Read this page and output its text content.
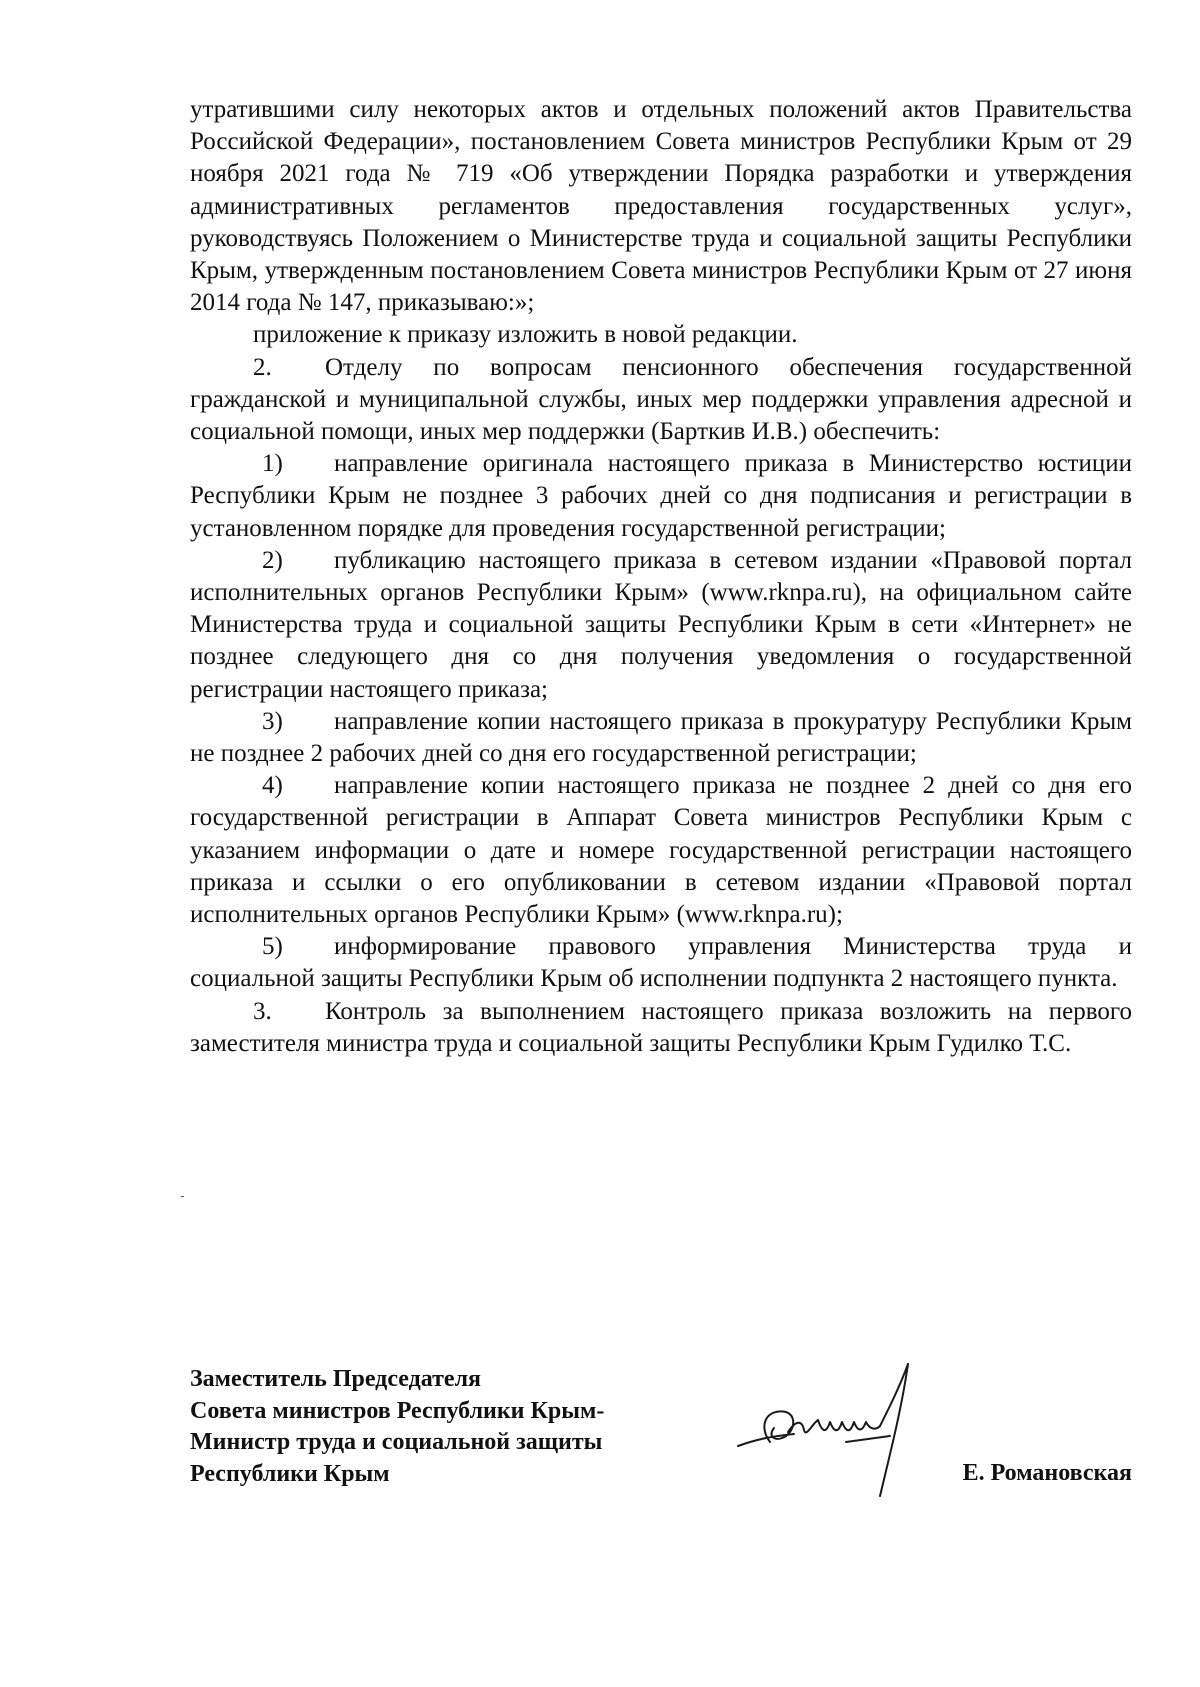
утратившими силу некоторых актов и отдельных положений актов Правительства Российской Федерации», постановлением Совета министров Республики Крым от 29 ноября 2021 года № 719 «Об утверждении Порядка разработки и утверждения административных регламентов предоставления государственных услуг», руководствуясь Положением о Министерстве труда и социальной защиты Республики Крым, утвержденным постановлением Совета министров Республики Крым от 27 июня 2014 года № 147, приказываю:»;

приложение к приказу изложить в новой редакции.

2. Отделу по вопросам пенсионного обеспечения государственной гражданской и муниципальной службы, иных мер поддержки управления адресной и социальной помощи, иных мер поддержки (Барткив И.В.) обеспечить:

1) направление оригинала настоящего приказа в Министерство юстиции Республики Крым не позднее 3 рабочих дней со дня подписания и регистрации в установленном порядке для проведения государственной регистрации;

2) публикацию настоящего приказа в сетевом издании «Правовой портал исполнительных органов Республики Крым» (www.rknpa.ru), на официальном сайте Министерства труда и социальной защиты Республики Крым в сети «Интернет» не позднее следующего дня со дня получения уведомления о государственной регистрации настоящего приказа;

3) направление копии настоящего приказа в прокуратуру Республики Крым не позднее 2 рабочих дней со дня его государственной регистрации;

4) направление копии настоящего приказа не позднее 2 дней со дня его государственной регистрации в Аппарат Совета министров Республики Крым с указанием информации о дате и номере государственной регистрации настоящего приказа и ссылки о его опубликовании в сетевом издании «Правовой портал исполнительных органов Республики Крым» (www.rknpa.ru);

5) информирование правового управления Министерства труда и социальной защиты Республики Крым об исполнении подпункта 2 настоящего пункта.

3. Контроль за выполнением настоящего приказа возложить на первого заместителя министра труда и социальной защиты Республики Крым Гудилко Т.С.

Заместитель Председателя
Совета министров Республики Крым-
Министр труда и социальной защиты
Республики Крым	Е. Романовская
